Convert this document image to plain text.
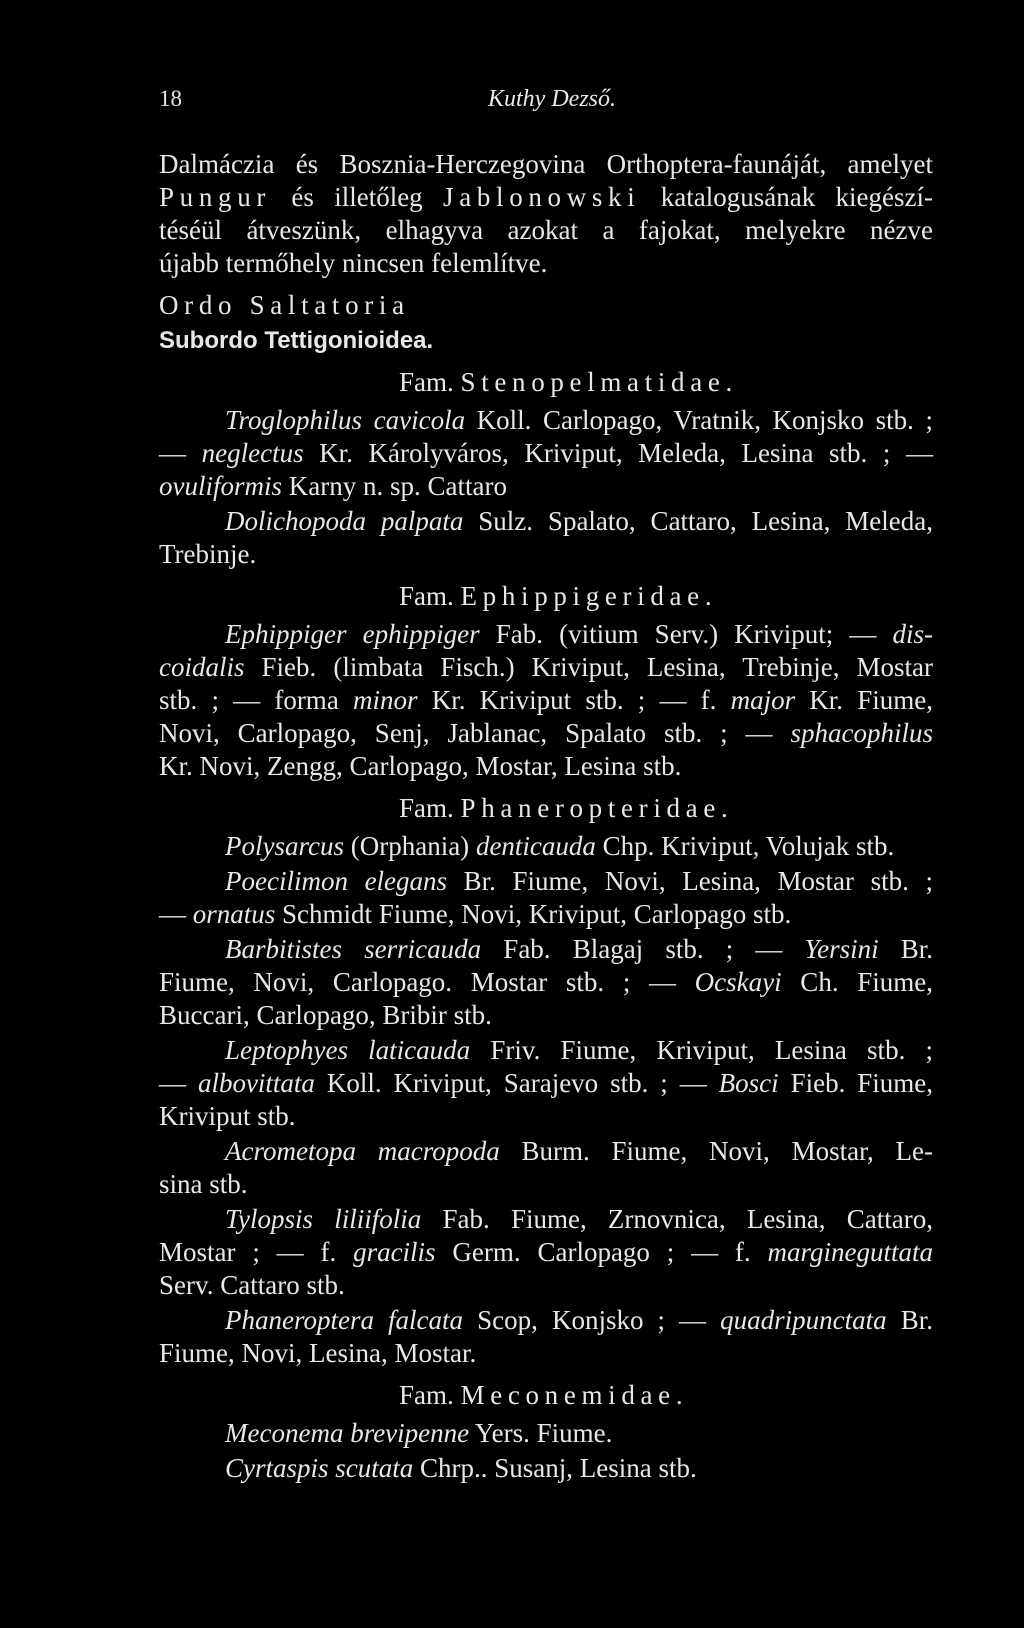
18	Kuthy Dezső.
Dalmáczia és Bosznia-Herczegovina Orthoptera-faunáját, amelyet
Pungur és illetőleg Jablonowski katalogusának kiegészí-
téséül átveszünk, elhagyva azokat a fajokat, melyekre nézve
újabb termőhely nincsen felemlítve.
Ordo Saltatoria
Subordo Tettigonioidea.
Fam. Stenopelmatidae.
Troglophilus cavicola Koll. Carlopago, Vratnik, Konjsko stb. ;
— neglectus Kr. Károlyváros, Kriviput, Meleda, Lesina stb. ; —
ovuliformis Karny n. sp. Cattaro
Dolichopoda palpata Sulz. Spalato, Cattaro, Lesina, Meleda,
Trebinje.
Fam. Ephippigeridae.
Ephippiger ephippiger Fab. (vitium Serv.) Kriviput; — dis-
coidalis Fieb. (limbata Fisch.) Kriviput, Lesina, Trebinje, Mostar
stb. ; — forma minor Kr. Kriviput stb. ; — f. major Kr. Fiume,
Novi, Carlopago, Senj, Jablanac, Spalato stb. ; — sphacophilus
Kr. Novi, Zengg, Carlopago, Mostar, Lesina stb.
Fam. Phaneropteridae.
Polysarcus (Orphania) denticauda Chp. Kriviput, Volujak stb.
Poecilimon elegans Br. Fiume, Novi, Lesina, Mostar stb. ;
— ornatus Schmidt Fiume, Novi, Kriviput, Carlopago stb.
Barbitistes serricauda Fab. Blagaj stb. ; — Yersini Br.
Fiume, Novi, Carlopago. Mostar stb. ; — Ocskayi Ch. Fiume,
Buccari, Carlopago, Bribir stb.
Leptophyes laticauda Friv. Fiume, Kriviput, Lesina stb. ;
— albovittata Koll. Kriviput, Sarajevo stb. ; — Bosci Fieb. Fiume,
Kriviput stb.
Acrometopa macropoda Burm. Fiume, Novi, Mostar, Le-
sina stb.
Tylopsis liliifolia Fab. Fiume, Zrnovnica, Lesina, Cattaro,
Mostar ; — f. gracilis Germ. Carlopago ; — f. margineguttata
Serv. Cattaro stb.
Phaneroptera falcata Scop, Konjsko ; — quadripunctata Br.
Fiume, Novi, Lesina, Mostar.
Fam. Meconemidae.
Meconema brevipenne Yers. Fiume.
Cyrtaspis scutata Chrp.. Susanj, Lesina stb.
